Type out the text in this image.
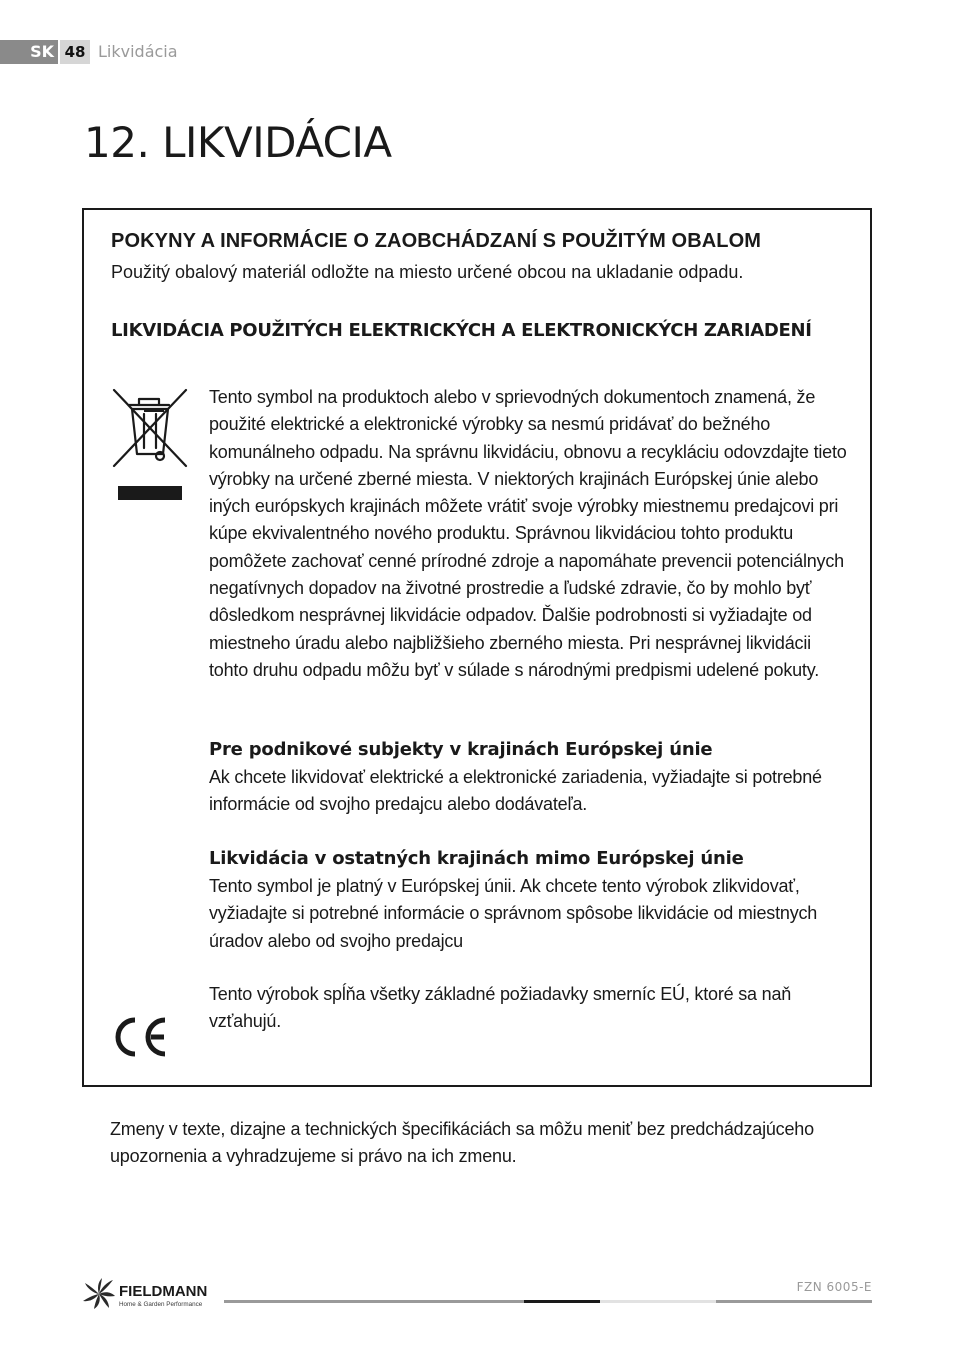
SK 48 Likvidácia
12. LIKVIDÁCIA
POKYNY A INFORMÁCIE O ZAOBCHÁDZANÍ S POUŽITÝM OBALOM

Použitý obalový materiál odložte na miesto určené obcou na ukladanie odpadu.

LIKVIDÁCIA POUŽITÝCH ELEKTRICKÝCH A ELEKTRONICKÝCH ZARIADENÍ

Tento symbol na produktoch alebo v sprievodných dokumentoch znamená, že použité elektrické a elektronické výrobky sa nesmú pridávať do bežného komunálneho odpadu. Na správnu likvidáciu, obnovu a recykláciu odovzdajte tieto výrobky na určené zberné miesta. V niektorých krajinách Európskej únie alebo iných európskych krajinách môžete vrátiť svoje výrobky miestnemu predajcovi pri kúpe ekvivalentného nového produktu. Správnou likvidáciou tohto produktu pomôžete zachovať cenné prírodné zdroje a napomáhate prevencii potenciálnych negatívnych dopadov na životné prostredie a ľudské zdravie, čo by mohlo byť dôsledkom nesprávnej likvidácie odpadov. Ďalšie podrobnosti si vyžiadajte od miestneho úradu alebo najbližšieho zberného miesta. Pri nesprávnej likvidácii tohto druhu odpadu môžu byť v súlade s národnými predpismi udelené pokuty.

Pre podnikové subjekty v krajinách Európskej únie

Ak chcete likvidovať elektrické a elektronické zariadenia, vyžiadajte si potrebné informácie od svojho predajcu alebo dodávateľa.

Likvidácia v ostatných krajinách mimo Európskej únie

Tento symbol je platný v Európskej únii. Ak chcete tento výrobok zlikvidovať, vyžiadajte si potrebné informácie o správnom spôsobe likvidácie od miestnych úradov alebo od svojho predajcu

Tento výrobok spĺňa všetky základné požiadavky smerníc EÚ, ktoré sa naň vzťahujú.

Zmeny v texte, dizajne a technických špecifikáciách sa môžu meniť bez predchádzajúceho upozornenia a vyhradzujeme si právo na ich zmenu.

FIELDMANN
Home & Garden Performance
FZN 6005-E
